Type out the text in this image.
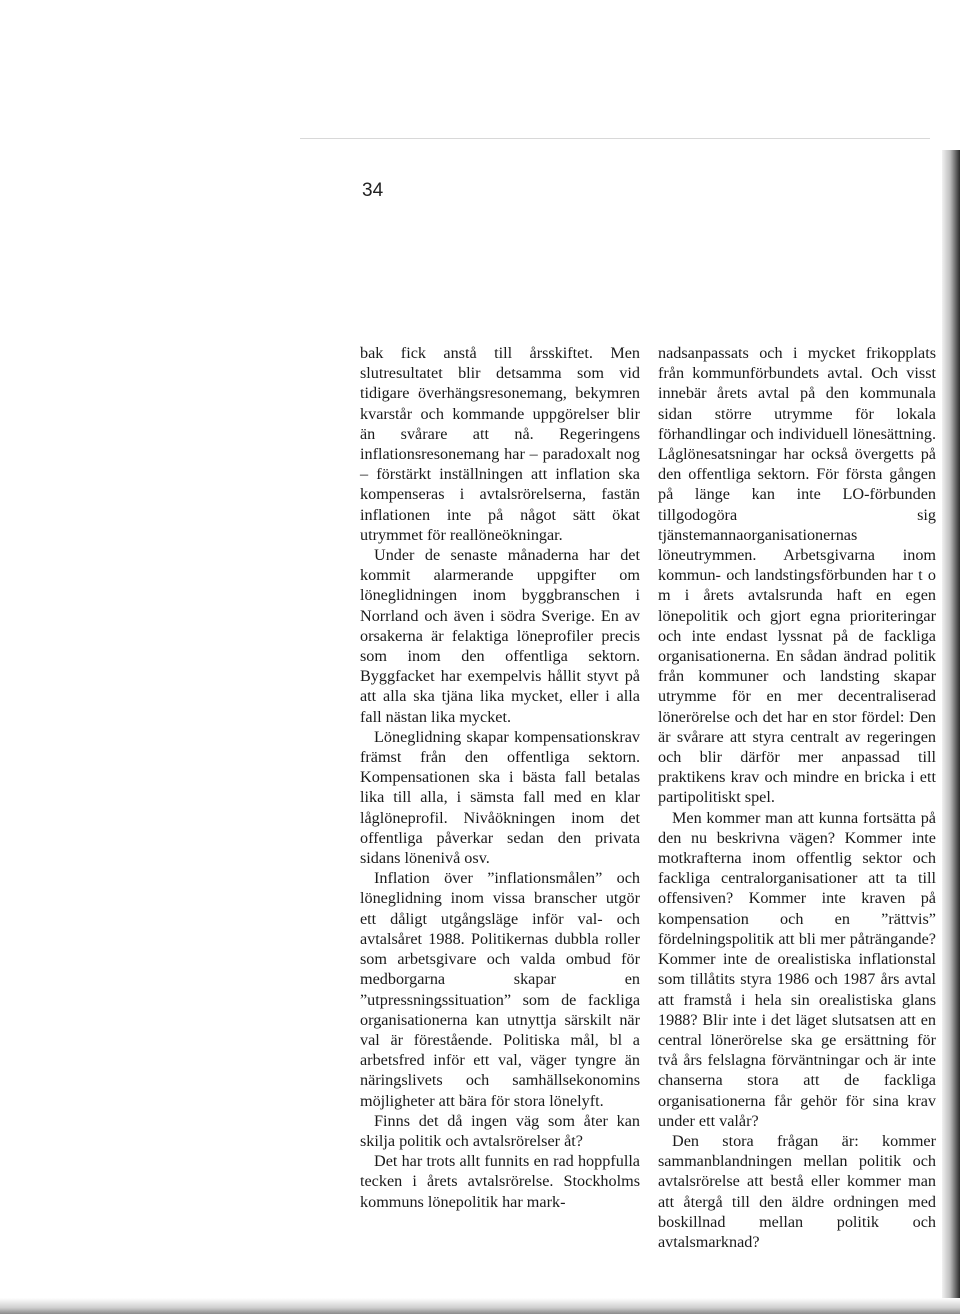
34

bak fick anstå till årsskiftet. Men slutresultatet blir detsamma som vid tidigare överhängsresonemang, bekymren kvarstår och kommande uppgörelser blir än svårare att nå. Regeringens inflationsresonemang har – paradoxalt nog – förstärkt inställningen att inflation ska kompenseras i avtalsrörelserna, fastän inflationen inte på något sätt ökat utrymmet för reallöneökningar.

Under de senaste månaderna har det kommit alarmerande uppgifter om löneglidningen inom byggbranschen i Norrland och även i södra Sverige. En av orsakerna är felaktiga löneprofiler precis som inom den offentliga sektorn. Byggfacket har exempelvis hållit styvt på att alla ska tjäna lika mycket, eller i alla fall nästan lika mycket.

Löneglidning skapar kompensationskrav främst från den offentliga sektorn. Kompensationen ska i bästa fall betalas lika till alla, i sämsta fall med en klar låglöneprofil. Nivåökningen inom det offentliga påverkar sedan den privata sidans lönenivå osv.

Inflation över ”inflationsmålen” och löneglidning inom vissa branscher utgör ett dåligt utgångsläge inför val- och avtalsåret 1988. Politikernas dubbla roller som arbetsgivare och valda ombud för medborgarna skapar en ”utpressningssituation” som de fackliga organisationerna kan utnyttja särskilt när val är förestående. Politiska mål, bl a arbetsfred inför ett val, väger tyngre än näringslivets och samhällsekonomins möjligheter att bära för stora lönelyft.

Finns det då ingen väg som åter kan skilja politik och avtalsrörelser åt?

Det har trots allt funnits en rad hoppfulla tecken i årets avtalsrörelse. Stockholms kommuns lönepolitik har mark-

nadsanpassats och i mycket frikopplats från kommunförbundets avtal. Och visst innebär årets avtal på den kommunala sidan större utrymme för lokala förhandlingar och individuell lönesättning. Låglönesatsningar har också övergetts på den offentliga sektorn. För första gången på länge kan inte LO-förbunden tillgodogöra sig tjänstemannaorganisationernas löneutrymmen. Arbetsgivarna inom kommun- och landstingsförbunden har t o m i årets avtalsrunda haft en egen lönepolitik och gjort egna prioriteringar och inte endast lyssnat på de fackliga organisationerna. En sådan ändrad politik från kommuner och landsting skapar utrymme för en mer decentraliserad lönerörelse och det har en stor fördel: Den är svårare att styra centralt av regeringen och blir därför mer anpassad till praktikens krav och mindre en bricka i ett partipolitiskt spel.

Men kommer man att kunna fortsätta på den nu beskrivna vägen? Kommer inte motkrafterna inom offentlig sektor och fackliga centralorganisationer att ta till offensiven? Kommer inte kraven på kompensation och en ”rättvis” fördelningspolitik att bli mer påträngande? Kommer inte de orealistiska inflationstal som tillåtits styra 1986 och 1987 års avtal att framstå i hela sin orealistiska glans 1988? Blir inte i det läget slutsatsen att en central lönerörelse ska ge ersättning för två års felslagna förväntningar och är inte chanserna stora att de fackliga organisationerna får gehör för sina krav under ett valår?

Den stora frågan är: kommer sammanblandningen mellan politik och avtalsrörelse att bestå eller kommer man att återgå till den äldre ordningen med boskillnad mellan politik och avtalsmarknad?
